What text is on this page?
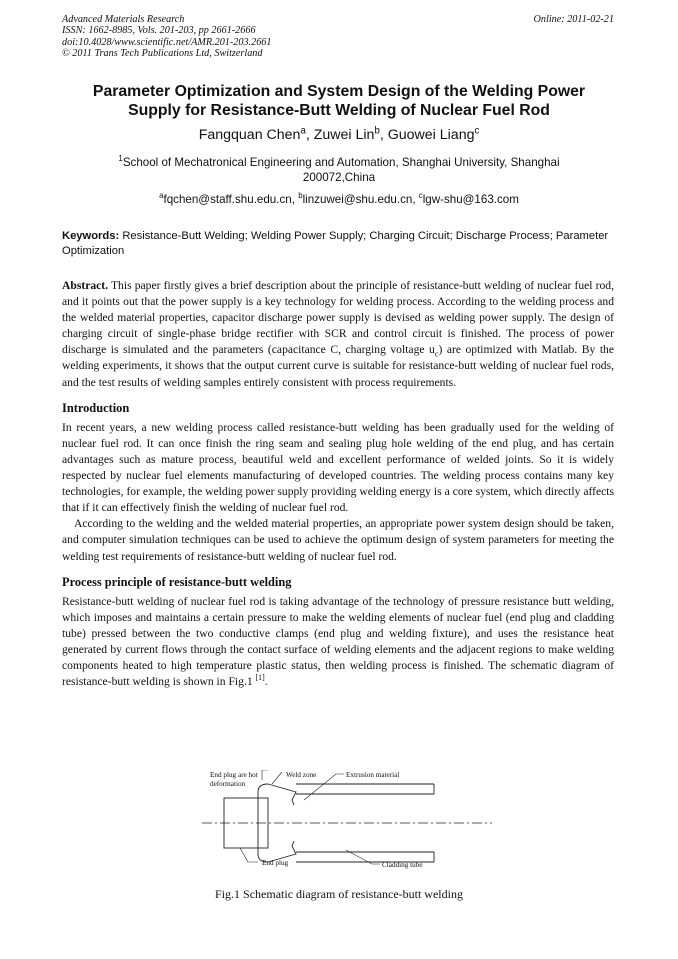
Advanced Materials Research
ISSN: 1662-8985, Vols. 201-203, pp 2661-2666
doi:10.4028/www.scientific.net/AMR.201-203.2661
© 2011 Trans Tech Publications Ltd, Switzerland
Online: 2011-02-21
Parameter Optimization and System Design of the Welding Power
Supply for Resistance-Butt Welding of Nuclear Fuel Rod
Fangquan Chen$^a$, Zuwei Lin$^b$, Guowei Liang$^c$
$^1$School of Mechatronical Engineering and Automation, Shanghai University, Shanghai 200072,China
$^a$fqchen@staff.shu.edu.cn, $^b$linzuwei@shu.edu.cn, $^c$lgw-shu@163.com
Keywords: Resistance-Butt Welding; Welding Power Supply; Charging Circuit; Discharge Process; Parameter Optimization

Abstract. This paper firstly gives a brief description about the principle of resistance-butt welding of nuclear fuel rod, and it points out that the power supply is a key technology for welding process. According to the welding process and the welded material properties, capacitor discharge power supply is devised as welding power supply. The design of charging circuit of single-phase bridge rectifier with SCR and control circuit is finished. The process of power discharge is simulated and the parameters (capacitance C, charging voltage $u_c$) are optimized with Matlab. By the welding experiments, it shows that the output current curve is suitable for resistance-butt welding of nuclear fuel rods, and the test results of welding samples entirely consistent with process requirements.

Introduction

In recent years, a new welding process called resistance-butt welding has been gradually used for the welding of nuclear fuel rod. It can once finish the ring seam and sealing plug hole welding of the end plug, and has certain advantages such as mature process, beautiful weld and excellent performance of welded joints. So it is widely respected by nuclear fuel elements manufacturing of developed countries. The welding process contains many key technologies, for example, the welding power supply providing welding energy is a core system, which directly affects that if it can effectively finish the welding of nuclear fuel rod.

According to the welding and the welded material properties, an appropriate power system design should be taken, and computer simulation techniques can be used to achieve the optimum design of system parameters for meeting the welding test requirements of resistance-butt welding of nuclear fuel rod.

Process principle of resistance-butt welding

Resistance-butt welding of nuclear fuel rod is taking advantage of the technology of pressure resistance butt welding, which imposes and maintains a certain pressure to make the welding elements of nuclear fuel (end plug and cladding tube) pressed between the two conductive clamps (end plug and welding fixture), and uses the resistance heat generated by current flows through the contact surface of welding elements and the adjacent regions to make welding components heated to high temperature plastic status, then welding process is finished. The schematic diagram of resistance-butt welding is shown in Fig.1 [1].

End plug are hot
deformation
Weld zone	Extrusion material
End plug	Cladding tube
Fig.1 Schematic diagram of resistance-butt welding
